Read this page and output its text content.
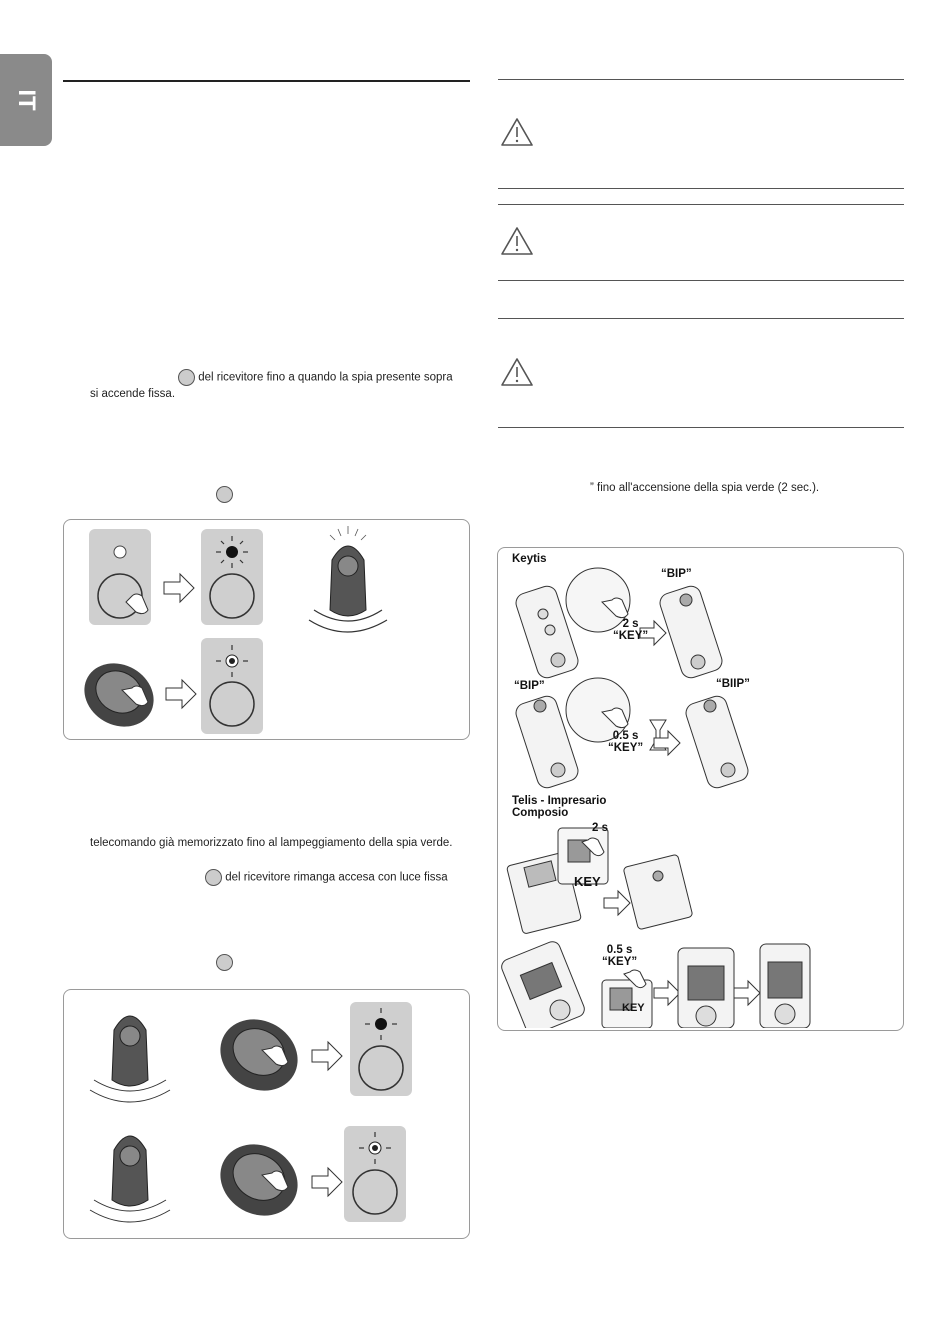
IT
del ricevitore fino a quando la spia presente sopra
si accende fissa.
telecomando già memorizzato fino al lampeggiamento della spia verde.
del ricevitore rimanga accesa con luce fissa
” fino all'accensione della spia verde (2 sec.).
Keytis
Telis - Impresario
Composio
“BIP”
2 s
“KEY”
“BIP”	“BIIP”
0.5 s
“KEY”
2 s
KEY
0.5 s
“KEY”
KEY
